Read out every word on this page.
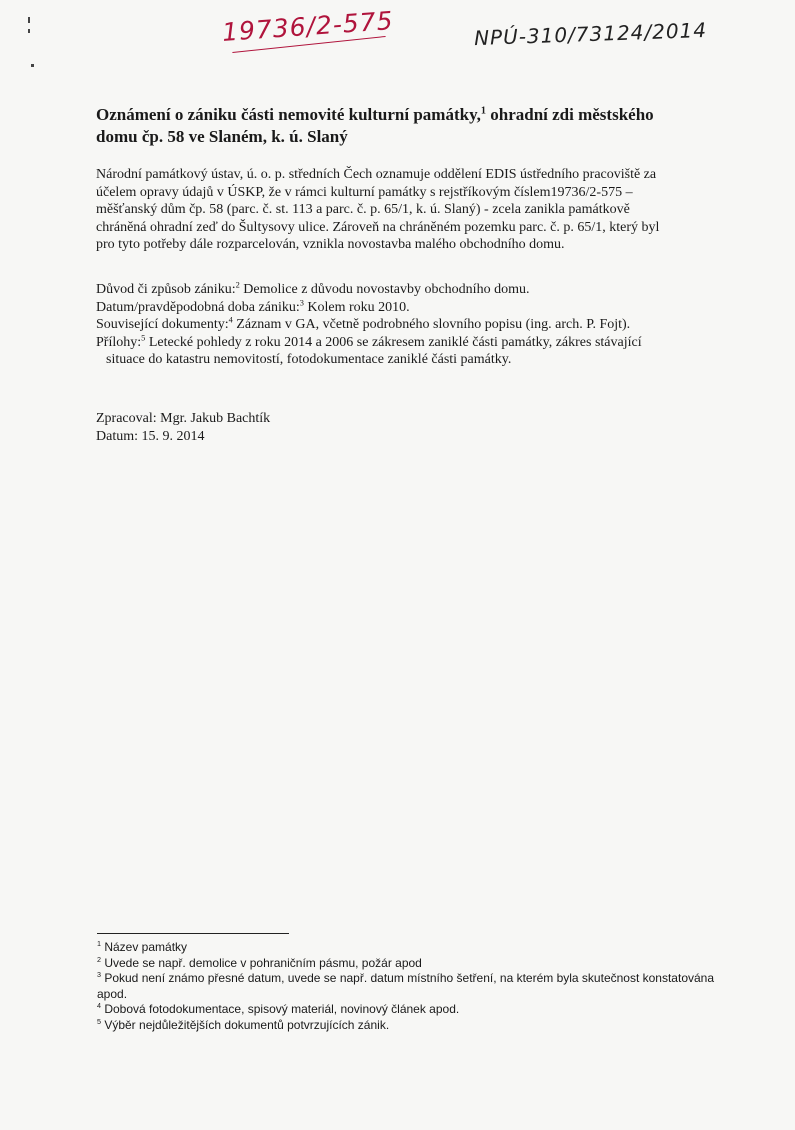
19736/2-575	NPÚ-310/73124/2014
Oznámení o zániku části nemovité kulturní památky,$^1$ ohradní zdi městského domu čp. 58 ve Slaném, k. ú. Slaný

Národní památkový ústav, ú. o. p. středních Čech oznamuje oddělení EDIS ústředního pracoviště za účelem opravy údajů v ÚSKP, že v rámci kulturní památky s rejstříkovým číslem19736/2-575 – měšťanský dům čp. 58 (parc. č. st. 113 a parc. č. p. 65/1, k. ú. Slaný) - zcela zanikla památkově chráněná ohradní zeď do Šultysovy ulice. Zároveň na chráněném pozemku parc. č. p. 65/1, který byl pro tyto potřeby dále rozparcelován, vznikla novostavba malého obchodního domu.

Důvod či způsob zániku:$^2$ Demolice z důvodu novostavby obchodního domu.

Datum/pravděpodobná doba zániku:$^3$ Kolem roku 2010.

Související dokumenty:$^4$ Záznam v GA, včetně podrobného slovního popisu (ing. arch. P. Fojt).

Přílohy:$^5$ Letecké pohledy z roku 2014 a 2006 se zákresem zaniklé části památky, zákres stávající situace do katastru nemovitostí, fotodokumentace zaniklé části památky.

Zpracoval: Mgr. Jakub Bachtík

Datum: 15. 9. 2014

$^1$ Název památky

$^2$ Uvede se např. demolice v pohraničním pásmu, požár apod

$^3$ Pokud není známo přesné datum, uvede se např. datum místního šetření, na kterém byla skutečnost konstatována apod.

$^4$ Dobová fotodokumentace, spisový materiál, novinový článek apod.

$^5$ Výběr nejdůležitějších dokumentů potvrzujících zánik.
